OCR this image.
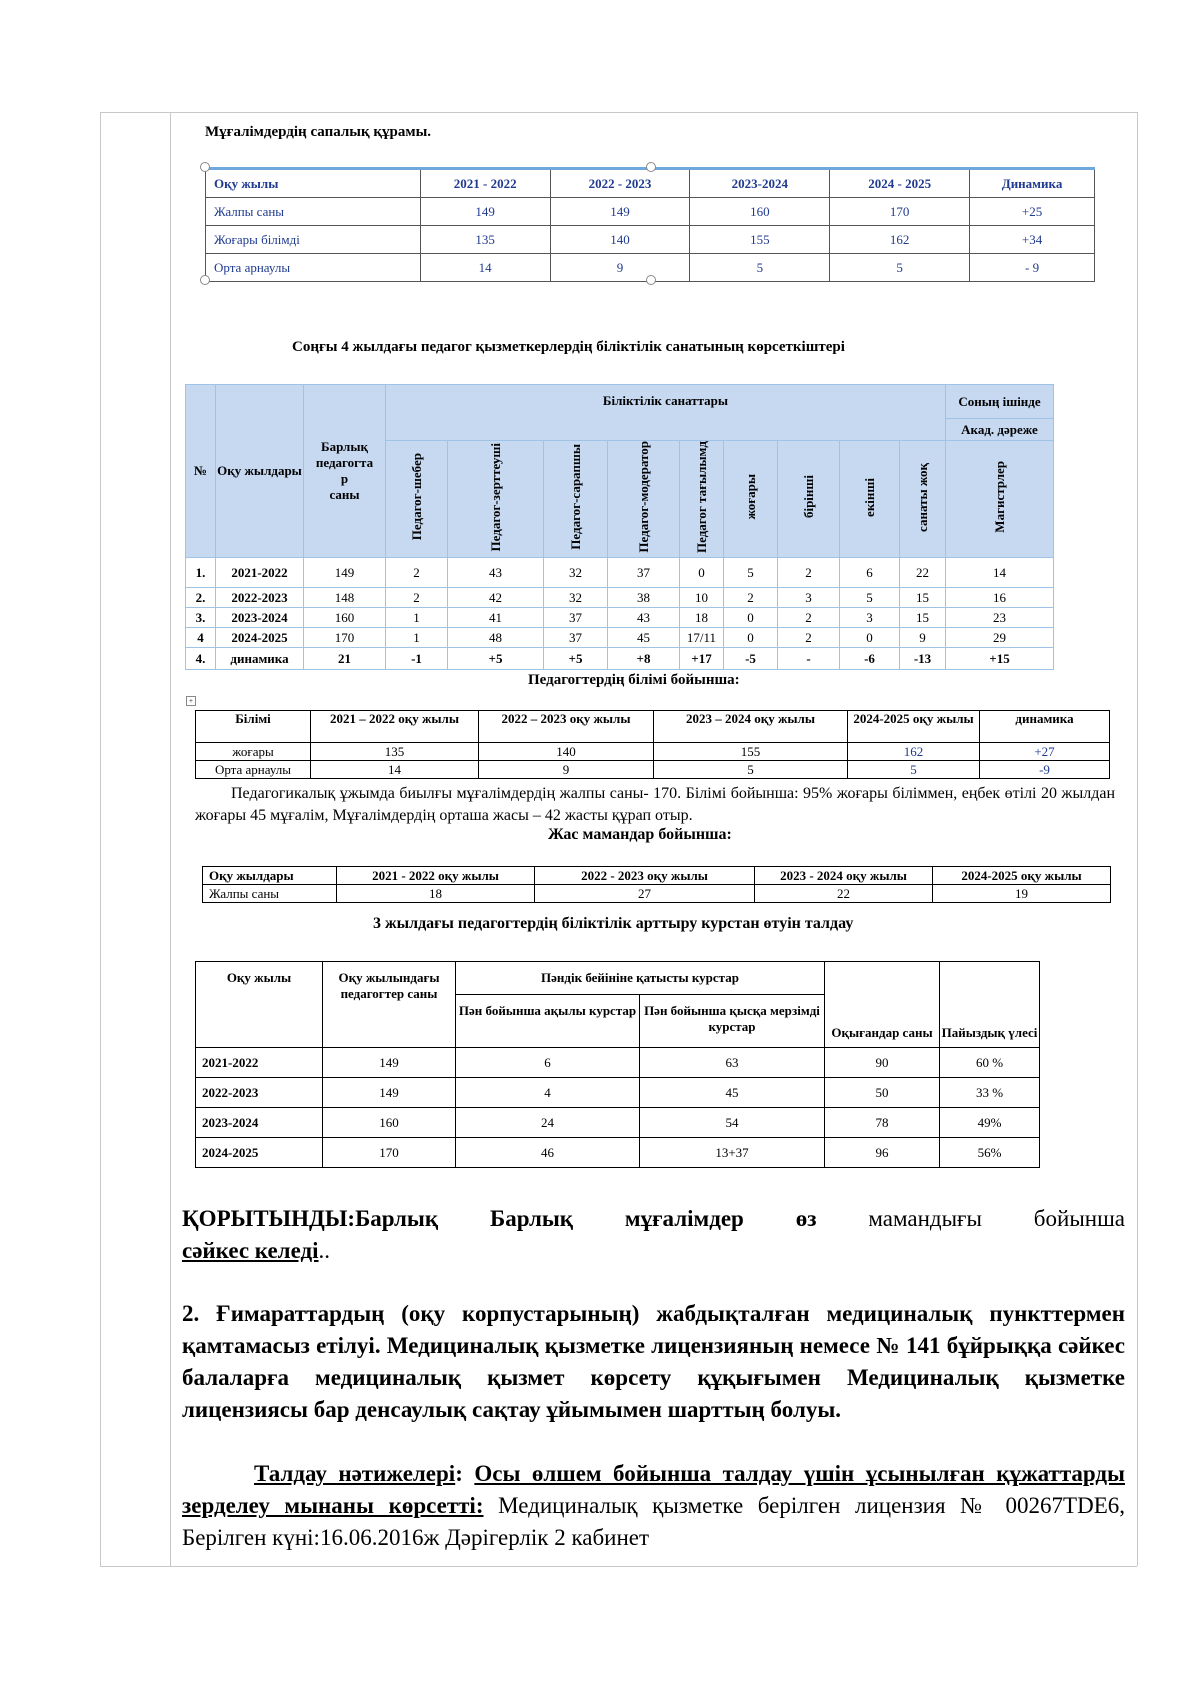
Мұғалімдердің сапалық құрамы.
Оқу жылы	2021 - 2022	2022 - 2023	2023-2024	2024 - 2025	Динамика
Жалпы саны	149	149	160	170	+25
Жоғары білімді	135	140	155	162	+34
Орта арнаулы	14	9	5	5	- 9
Соңғы 4 жылдағы педагог қызметкерлердің біліктілік санатының көрсеткіштері
№	Оқу жылдары	Барлық
педагогта
р
саны	Біліктілік санаттары									Соның ішінде
												Акад. дәреже
			Педагог-шебер	Педагог-зерттеуші	Педагог-сарапшы	Педагог-модератор	Педагог тағылымд	жоғары	бірінші	екінші	санаты жоқ	Магистрлер
1.	2021-2022	149	2	43	32	37	0	5	2	6	22	14
2.	2022-2023	148	2	42	32	38	10	2	3	5	15	16
3.	2023-2024	160	1	41	37	43	18	0	2	3	15	23
4	2024-2025	170	1	48	37	45	17/11	0	2	0	9	29
4.	динамика	21	-1	+5	+5	+8	+17	-5	-	-6	-13	+15
Педагогтердің білімі бойынша:
+
Білімі	2021 – 2022 оқу жылы	2022 – 2023 оқу жылы	2023 – 2024 оқу жылы	2024-2025 оқу жылы	динамика
жоғары	135	140	155	162	+27
Орта арнаулы	14	9	5	5	-9
Педагогикалық ұжымда биылғы мұғалімдердің жалпы саны- 170. Білімі бойынша: 95% жоғары біліммен, еңбек өтілі 20 жылдан жоғары 45 мұғалім, Мұғалімдердің орташа жасы – 42 жасты құрап отыр.
Жас мамандар бойынша:
Оқу жылдары	2021 - 2022 оқу жылы	2022 - 2023 оқу жылы	2023 - 2024 оқу жылы	2024-2025 оқу жылы
Жалпы саны	18	27	22	19
3 жылдағы педагогтердің біліктілік арттыру курстан өтуін талдау
Оқу жылы	Оқу жылындағы педагогтер саны	Пәндік бейініне қатысты курстар		Оқығандар саны	Пайыздық үлесі
		Пән бойынша ақылы курстар	Пән бойынша қысқа мерзімді курстар		
2021-2022	149	6	63	90	60 %
2022-2023	149	4	45	50	33 %
2023-2024	160	24	54	78	49%
2024-2025	170	46	13+37	96	56%
ҚОРЫТЫНДЫ:Барлық Барлық мұғалімдер өз мамандығы бойынша
сәйкес келеді..
2. Ғимараттардың (оқу корпустарының) жабдықталған медициналық пункттермен қамтамасыз етілуі. Медициналық қызметке лицензияның немесе № 141 бұйрыққа сәйкес балаларға медициналық қызмет көрсету құқығымен Медициналық қызметке лицензиясы бар денсаулық сақтау ұйымымен шарттың болуы.
Талдау нәтижелері: Осы өлшем бойынша талдау үшін ұсынылған құжаттарды зерделеу мынаны көрсетті: Медициналық қызметке берілген лицензия № 00267TDE6, Берілген күні:16.06.2016ж Дәрігерлік 2 кабинет
